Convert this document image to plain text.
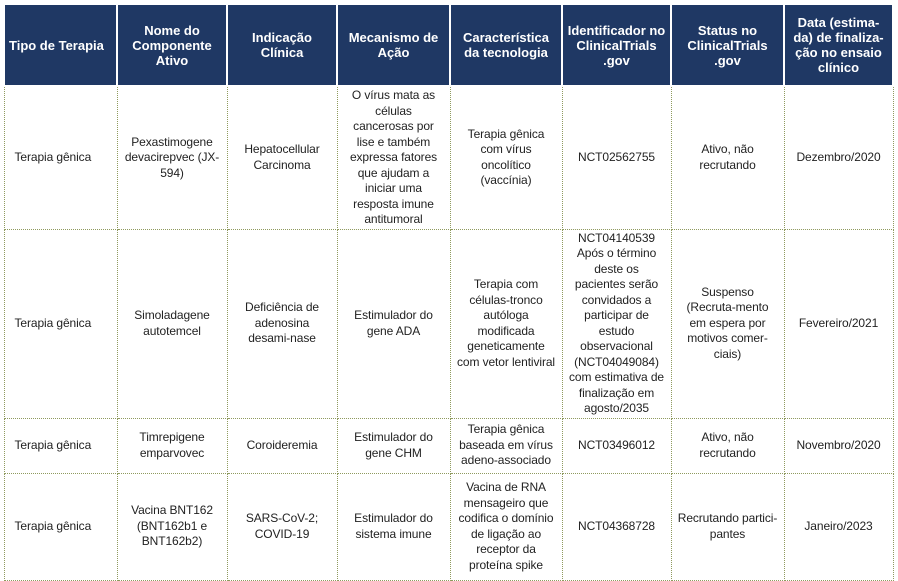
Tipo de Terapia	Nome do Componente Ativo	Indicação Clínica	Mecanismo de Ação	Característica da tecnologia	Identificador no ClinicalTrials .gov	Status no ClinicalTrials .gov	Data (estima-da) de finaliza-ção no ensaio clínico
Terapia gênica	Pexastimogene devacirepvec (JX-594)	Hepatocellular Carcinoma	O vírus mata as células cancerosas por lise e também expressa fatores que ajudam a iniciar uma resposta imune antitumoral	Terapia gênica com vírus oncolítico (vaccínia)	NCT02562755	Ativo, não recrutando	Dezembro/2020
Terapia gênica	Simoladagene autotemcel	Deficiência de adenosina desami-nase	Estimulador do gene ADA	Terapia com células-tronco autóloga modificada geneticamente com vetor lentiviral	NCT04140539 Após o término deste os pacientes serão convidados a participar de estudo observacional (NCT04049084) com estimativa de finalização em agosto/2035	Suspenso (Recruta-mento em espera por motivos comer-ciais)	Fevereiro/2021
Terapia gênica	Timrepigene emparvovec	Coroideremia	Estimulador do gene CHM	Terapia gênica baseada em vírus adeno-associado	NCT03496012	Ativo, não recrutando	Novembro/2020
Terapia gênica	Vacina BNT162 (BNT162b1 e BNT162b2)	SARS-CoV-2; COVID-19	Estimulador do sistema imune	Vacina de RNA mensageiro que codifica o domínio de ligação ao receptor da proteína spike	NCT04368728	Recrutando partici-pantes	Janeiro/2023
